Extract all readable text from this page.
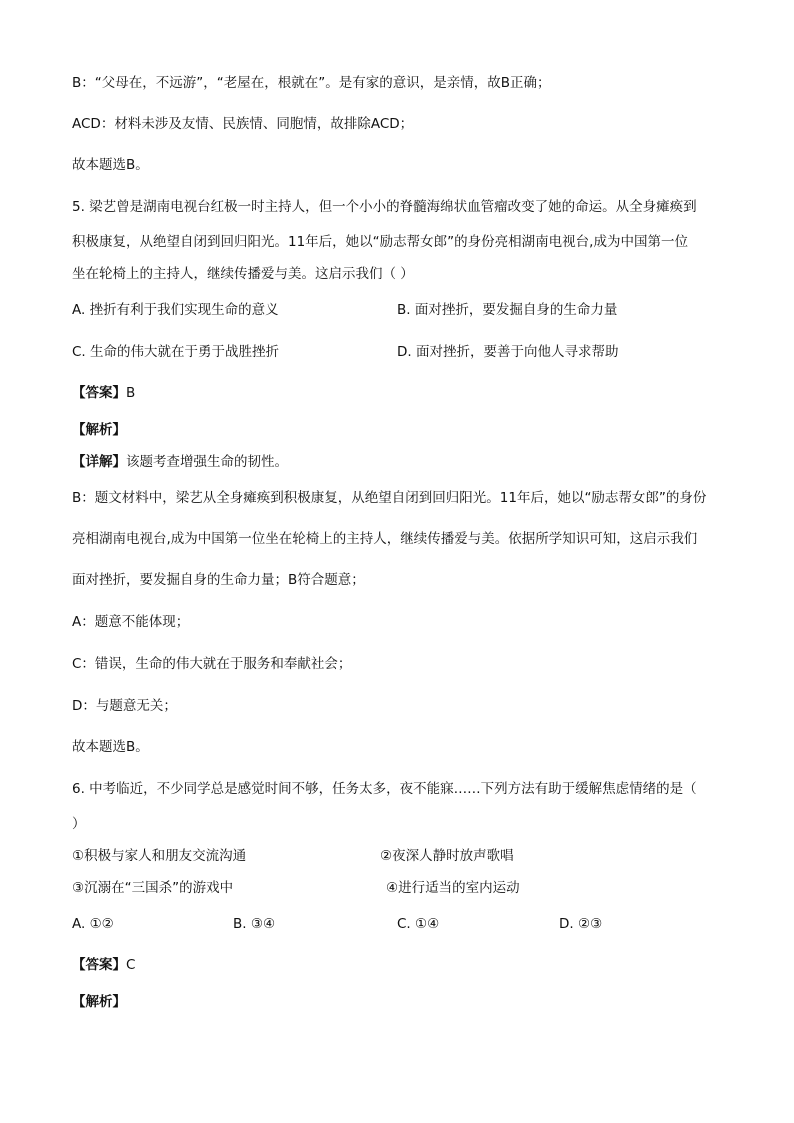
B：“父母在，不远游”，“老屋在，根就在”。是有家的意识，是亲情，故B正确；
ACD：材料未涉及友情、民族情、同胞情，故排除ACD；
故本题选B。
5. 梁艺曾是湖南电视台红极一时主持人，但一个小小的脊髓海绵状血管瘤改变了她的命运。从全身瘫痪到
积极康复，从绝望自闭到回归阳光。11年后，她以“励志帮女郎”的身份亮相湖南电视台,成为中国第一位
坐在轮椅上的主持人，继续传播爱与美。这启示我们（ ）
A. 挫折有利于我们实现生命的意义	B. 面对挫折，要发掘自身的生命力量
C. 生命的伟大就在于勇于战胜挫折	D. 面对挫折，要善于向他人寻求帮助
【答案】B
【解析】
【详解】该题考查增强生命的韧性。
B：题文材料中，梁艺从全身瘫痪到积极康复，从绝望自闭到回归阳光。11年后，她以“励志帮女郎”的身份
亮相湖南电视台,成为中国第一位坐在轮椅上的主持人，继续传播爱与美。依据所学知识可知，这启示我们
面对挫折，要发掘自身的生命力量；B符合题意；
A：题意不能体现；
C：错误，生命的伟大就在于服务和奉献社会；
D：与题意无关；
故本题选B。
6. 中考临近，不少同学总是感觉时间不够，任务太多，夜不能寐……下列方法有助于缓解焦虑情绪的是（
）
①积极与家人和朋友交流沟通	②夜深人静时放声歌唱
③沉溺在“三国杀”的游戏中	④进行适当的室内运动
A. ①②	B. ③④	C. ①④	D. ②③
【答案】C
【解析】
